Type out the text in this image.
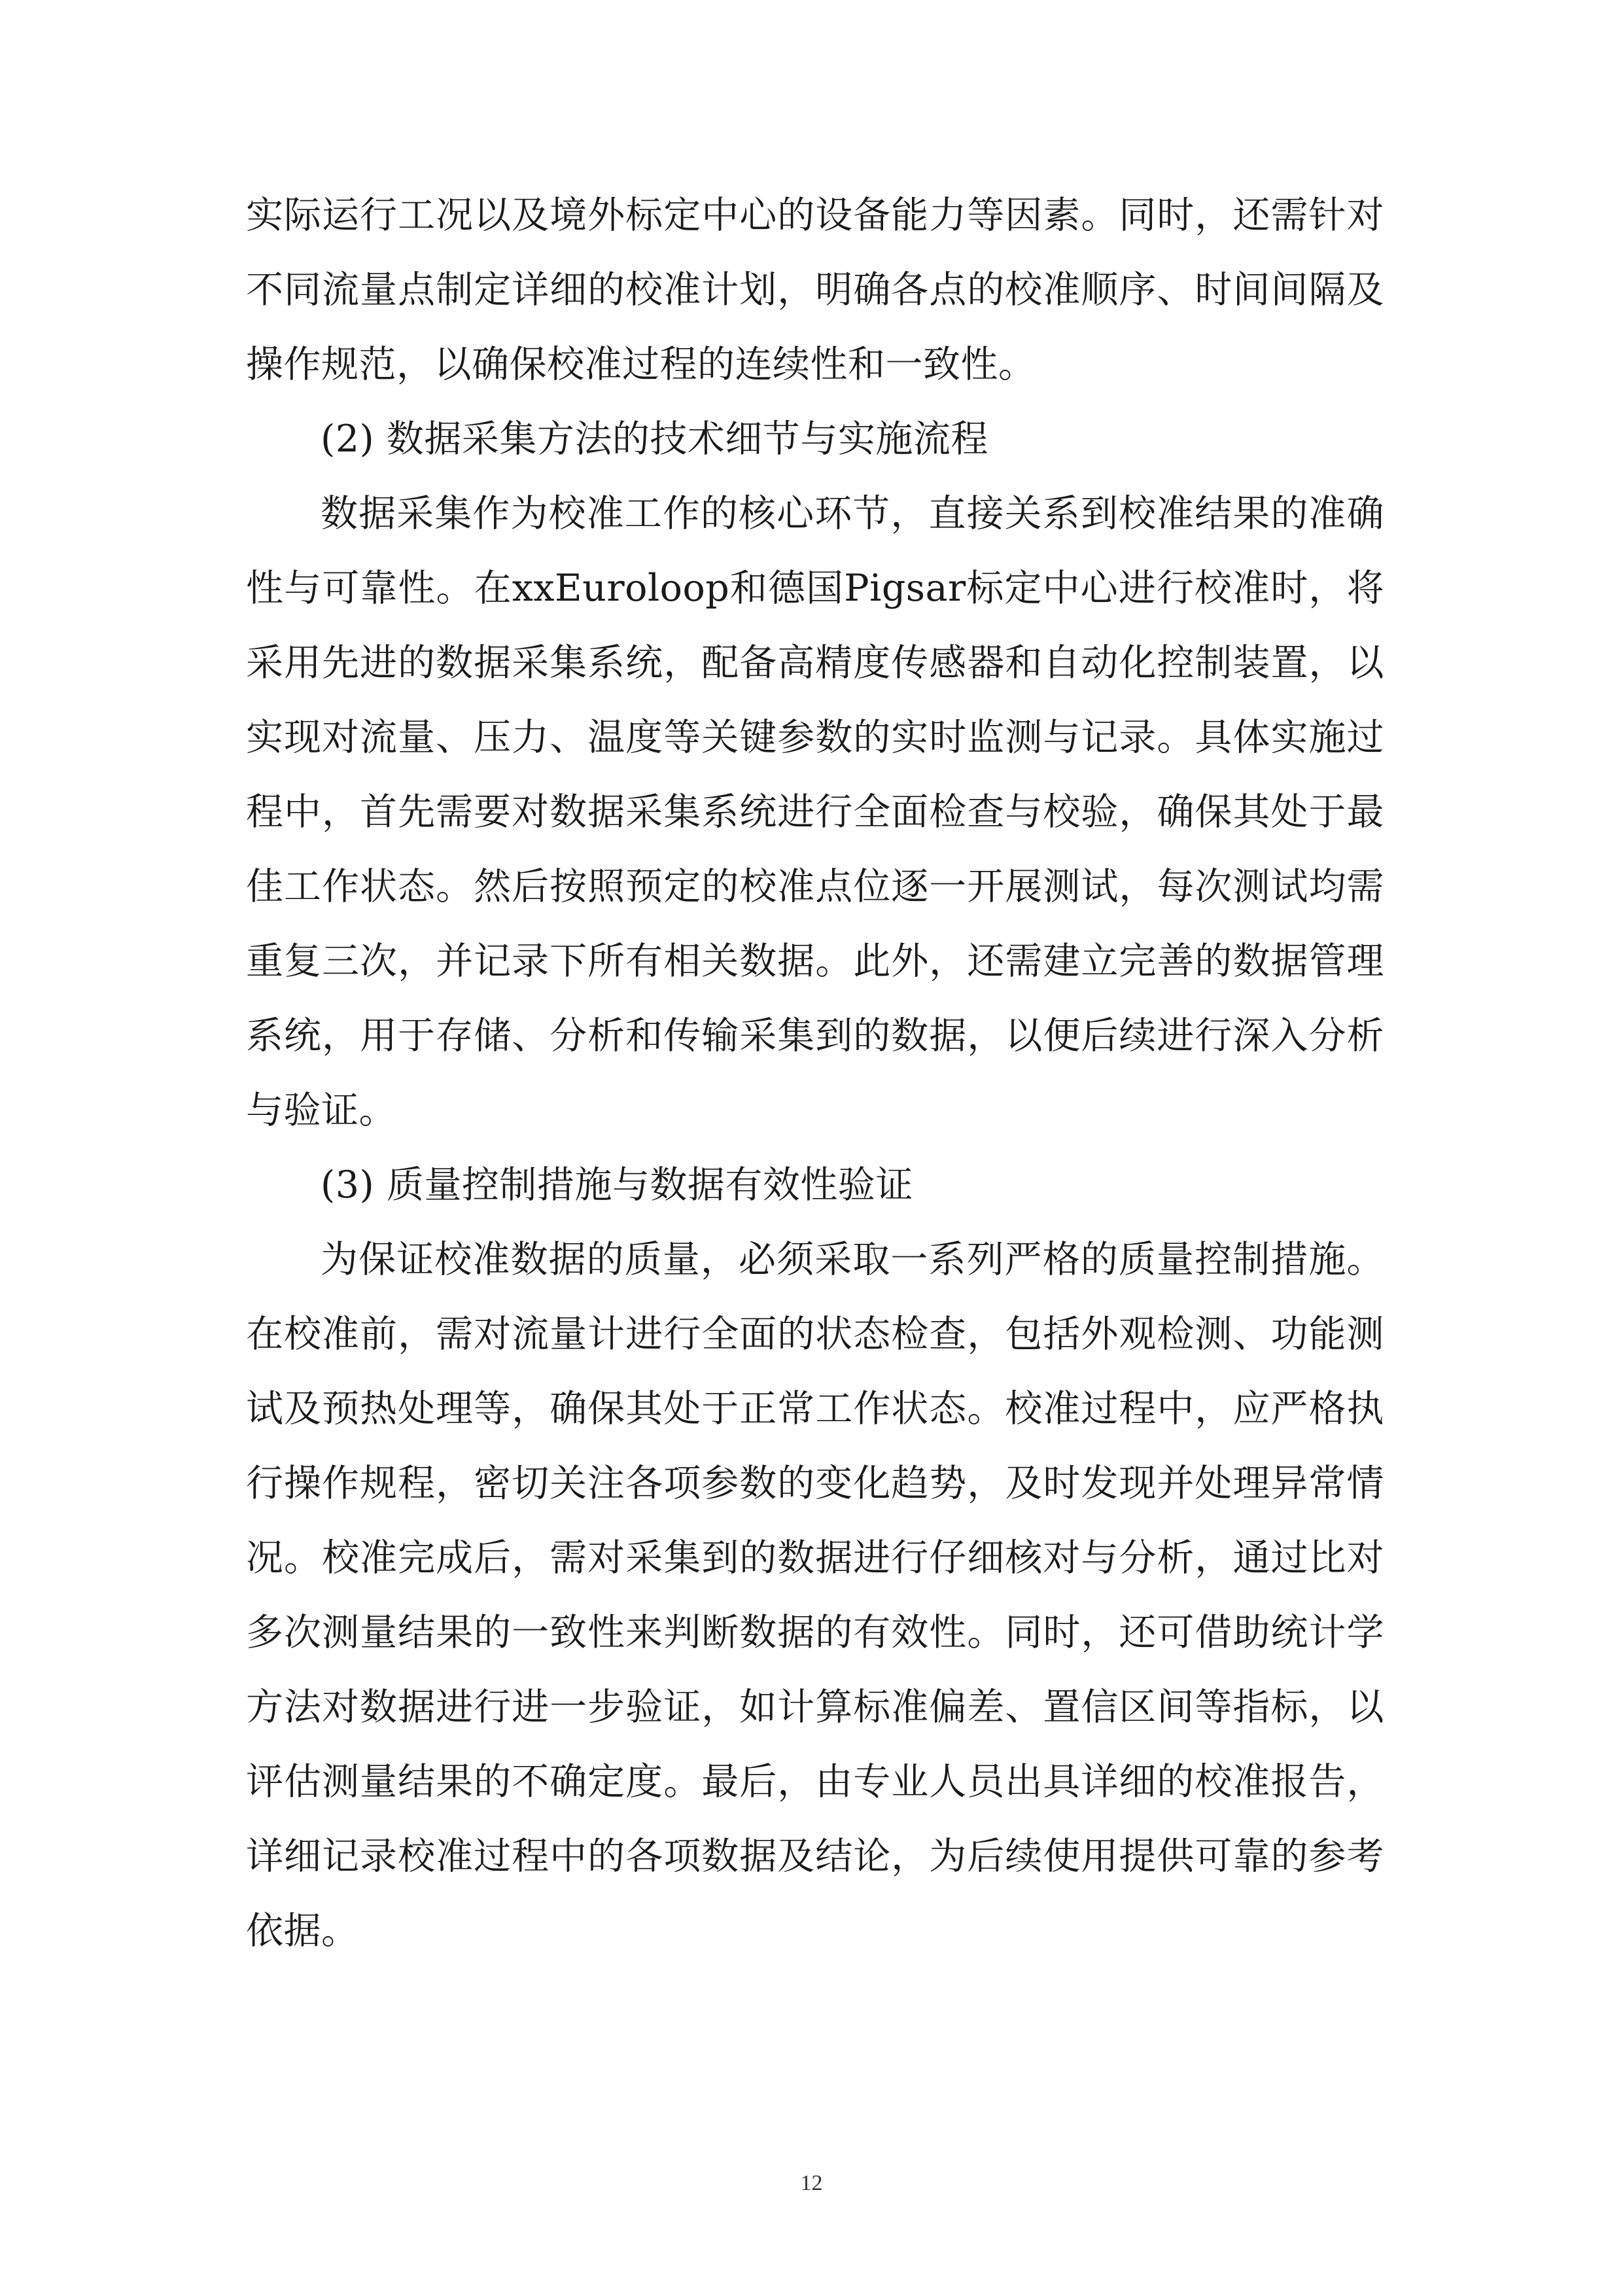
实际运行工况以及境外标定中心的设备能力等因素。同时，还需针对不同流量点制定详细的校准计划，明确各点的校准顺序、时间间隔及操作规范，以确保校准过程的连续性和一致性。

(2) 数据采集方法的技术细节与实施流程

数据采集作为校准工作的核心环节，直接关系到校准结果的准确性与可靠性。在xxEuroloop和德国Pigsar标定中心进行校准时，将采用先进的数据采集系统，配备高精度传感器和自动化控制装置，以实现对流量、压力、温度等关键参数的实时监测与记录。具体实施过程中，首先需要对数据采集系统进行全面检查与校验，确保其处于最佳工作状态。然后按照预定的校准点位逐一开展测试，每次测试均需重复三次，并记录下所有相关数据。此外，还需建立完善的数据管理系统，用于存储、分析和传输采集到的数据，以便后续进行深入分析与验证。

(3) 质量控制措施与数据有效性验证

为保证校准数据的质量，必须采取一系列严格的质量控制措施。在校准前，需对流量计进行全面的状态检查，包括外观检测、功能测试及预热处理等，确保其处于正常工作状态。校准过程中，应严格执行操作规程，密切关注各项参数的变化趋势，及时发现并处理异常情况。校准完成后，需对采集到的数据进行仔细核对与分析，通过比对多次测量结果的一致性来判断数据的有效性。同时，还可借助统计学方法对数据进行进一步验证，如计算标准偏差、置信区间等指标，以评估测量结果的不确定度。最后，由专业人员出具详细的校准报告，详细记录校准过程中的各项数据及结论，为后续使用提供可靠的参考依据。

12
